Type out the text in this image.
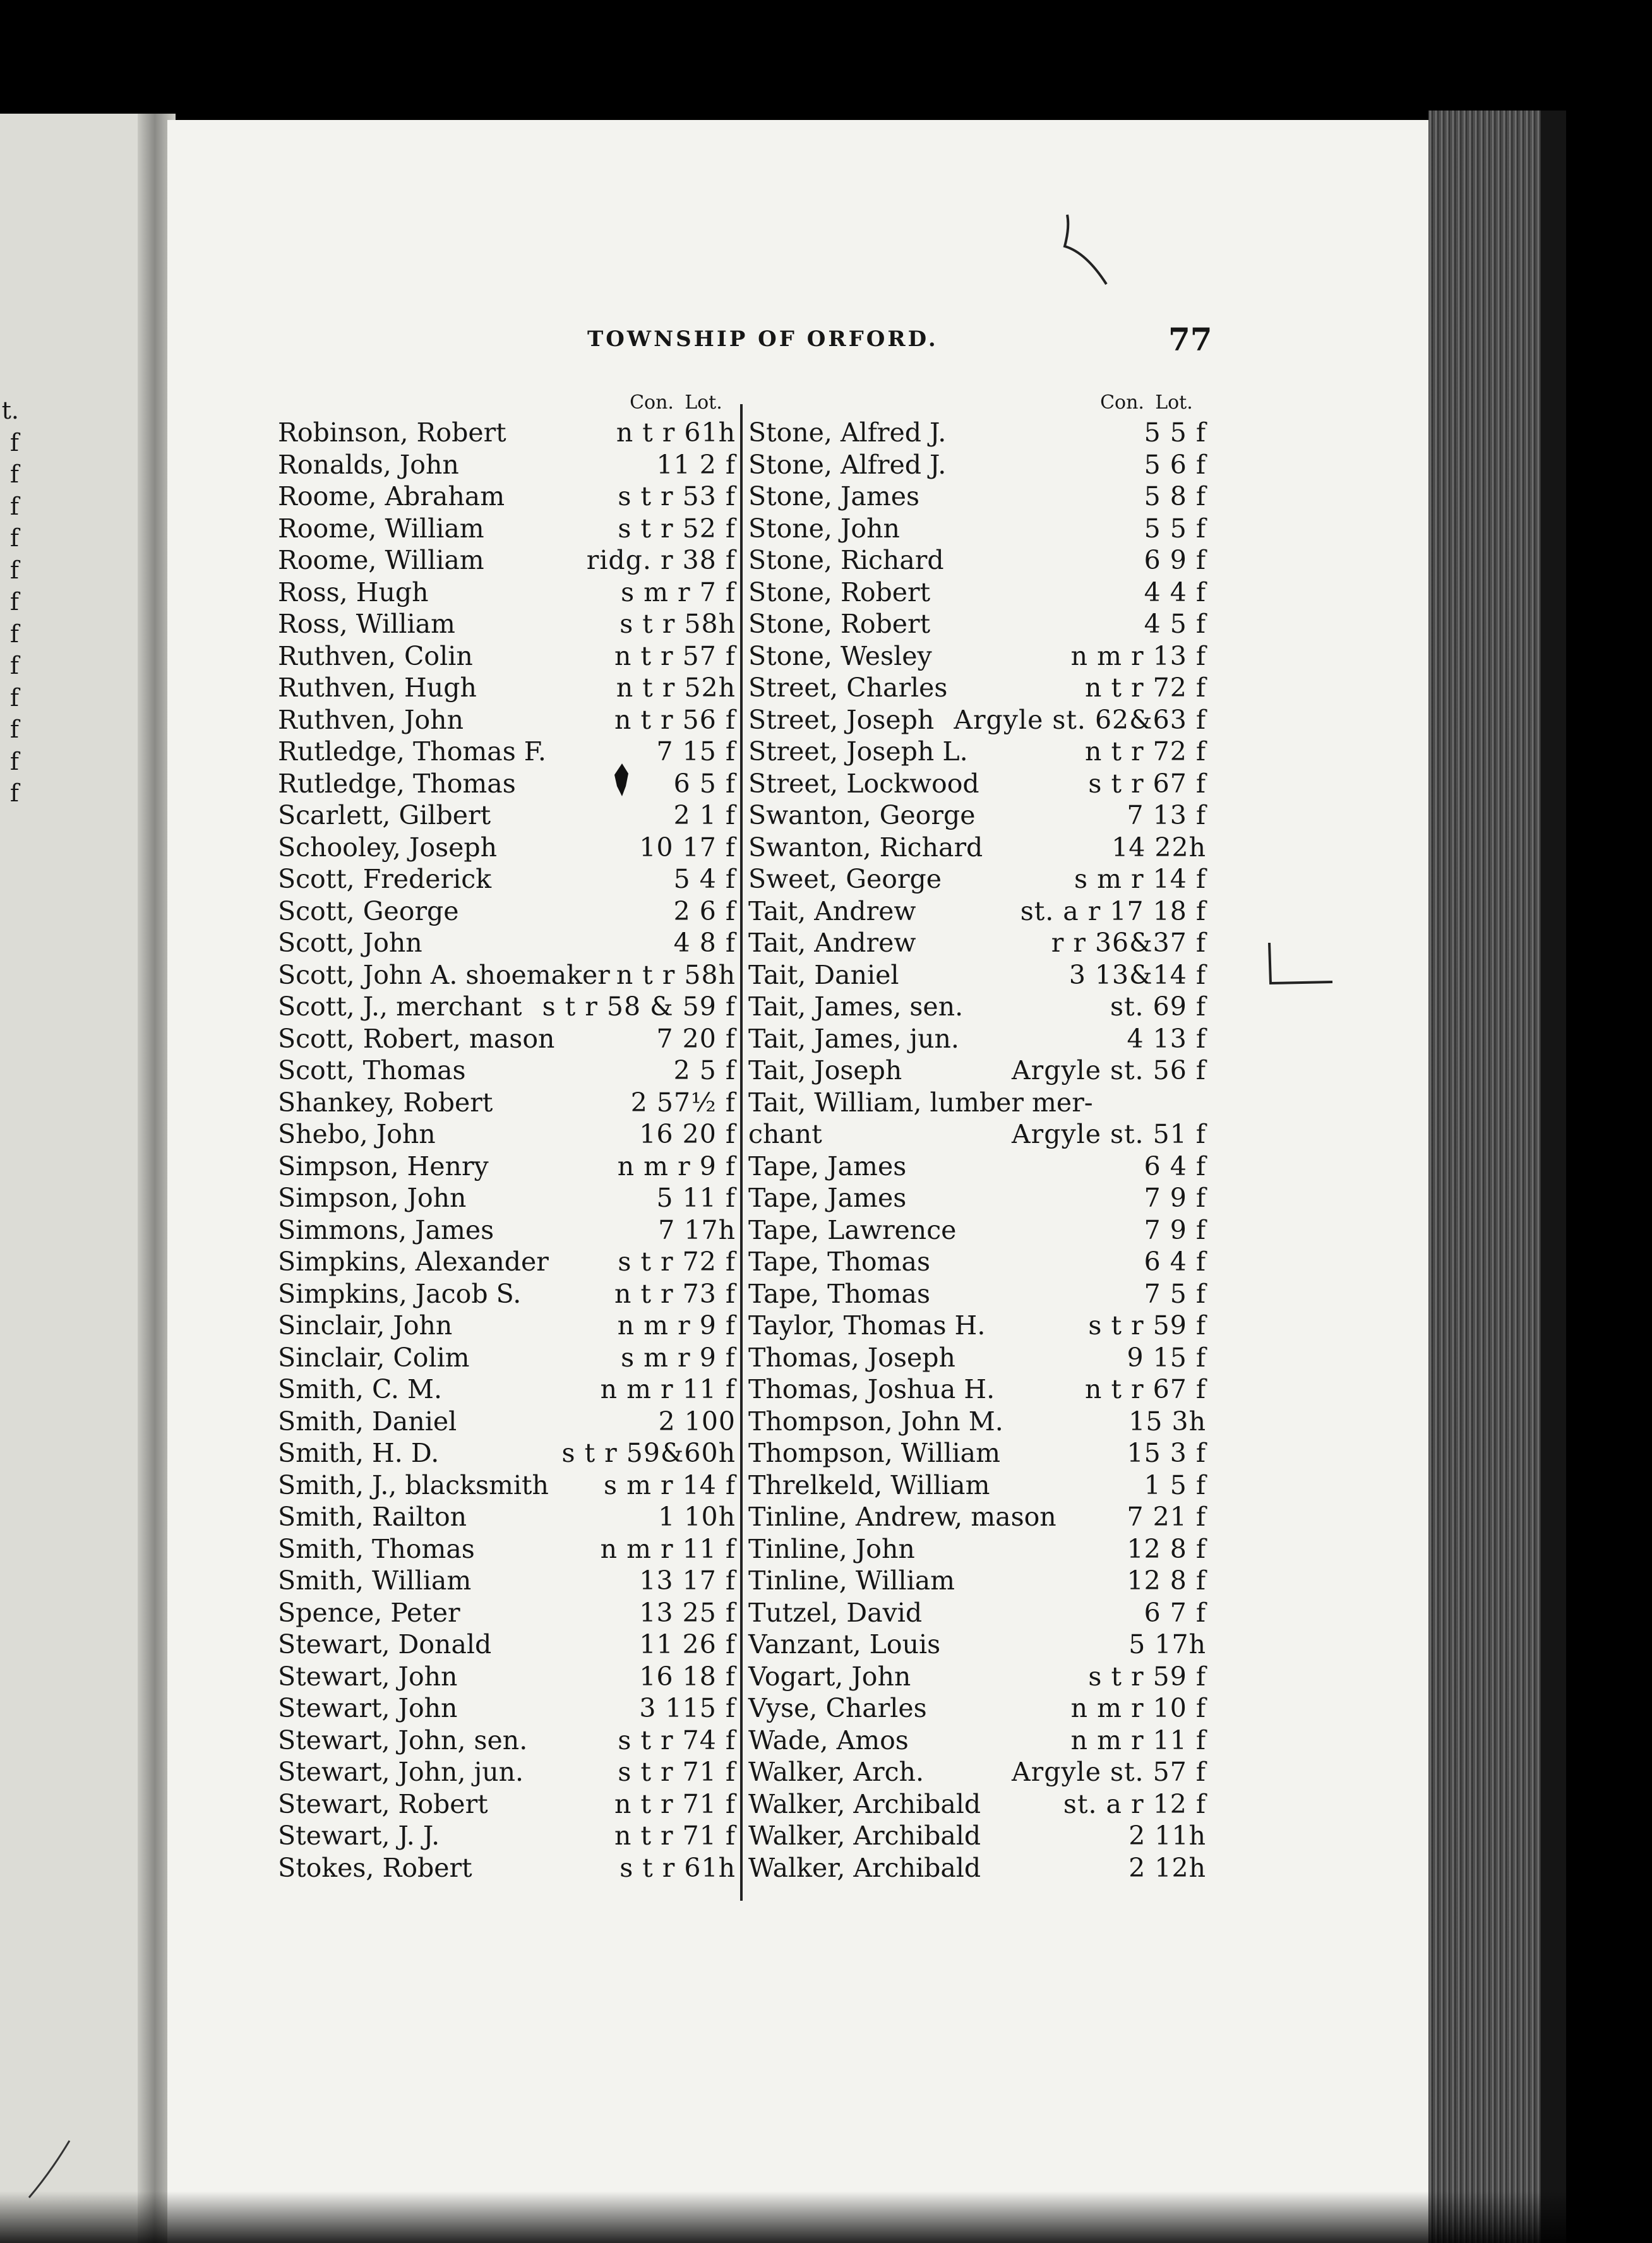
t.
f
f
f
f
f
f
f
f
f
f
f
f
TOWNSHIP OF ORFORD.	77
Con. Lot.
Robinson, Robert	n t r 61h
Ronalds, John	11 2 f
Roome, Abraham	s t r 53 f
Roome, William	s t r 52 f
Roome, William	ridg. r 38 f
Ross, Hugh	s m r 7 f
Ross, William	s t r 58h
Ruthven, Colin	n t r 57 f
Ruthven, Hugh	n t r 52h
Ruthven, John	n t r 56 f
Rutledge, Thomas F.	7 15 f
Rutledge, Thomas	6 5 f
Scarlett, Gilbert	2 1 f
Schooley, Joseph	10 17 f
Scott, Frederick	5 4 f
Scott, George	2 6 f
Scott, John	4 8 f
Scott, John A. shoemaker n t r 58h
Scott, J., merchant s t r 58 & 59 f
Scott, Robert, mason	7 20 f
Scott, Thomas	2 5 f
Shankey, Robert	2 57½ f
Shebo, John	16 20 f
Simpson, Henry	n m r 9 f
Simpson, John	5 11 f
Simmons, James	7 17h
Simpkins, Alexander	s t r 72 f
Simpkins, Jacob S.	n t r 73 f
Sinclair, John	n m r 9 f
Sinclair, Colim	s m r 9 f
Smith, C. M.	n m r 11 f
Smith, Daniel	2 100
Smith, H. D.	s t r 59&60h
Smith, J., blacksmith s m r 14 f
Smith, Railton	1 10h
Smith, Thomas	n m r 11 f
Smith, William	13 17 f
Spence, Peter	13 25 f
Stewart, Donald	11 26 f
Stewart, John	16 18 f
Stewart, John	3 115 f
Stewart, John, sen.	s t r 74 f
Stewart, John, jun.	s t r 71 f
Stewart, Robert	n t r 71 f
Stewart, J. J.	n t r 71 f
Stokes, Robert	s t r 61h
Con. Lot.
Stone, Alfred J.	5 5 f
Stone, Alfred J.	5 6 f
Stone, James	5 8 f
Stone, John	5 5 f
Stone, Richard	6 9 f
Stone, Robert	4 4 f
Stone, Robert	4 5 f
Stone, Wesley	n m r 13 f
Street, Charles	n t r 72 f
Street, Joseph Argyle st. 62&63 f
Street, Joseph L.	n t r 72 f
Street, Lockwood	s t r 67 f
Swanton, George	7 13 f
Swanton, Richard	14 22h
Sweet, George	s m r 14 f
Tait, Andrew	st. a r 17 18 f
Tait, Andrew	r r 36&37 f
Tait, Daniel	3 13&14 f
Tait, James, sen.	st. 69 f
Tait, James, jun.	4 13 f
Tait, Joseph	Argyle st. 56 f
Tait, William, lumber mer-
chant	Argyle st. 51 f
Tape, James	6 4 f
Tape, James	7 9 f
Tape, Lawrence	7 9 f
Tape, Thomas	6 4 f
Tape, Thomas	7 5 f
Taylor, Thomas H.	s t r 59 f
Thomas, Joseph	9 15 f
Thomas, Joshua H.	n t r 67 f
Thompson, John M.	15 3h
Thompson, William	15 3 f
Threlkeld, William	1 5 f
Tinline, Andrew, mason	7 21 f
Tinline, John	12 8 f
Tinline, William	12 8 f
Tutzel, David	6 7 f
Vanzant, Louis	5 17h
Vogart, John	s t r 59 f
Vyse, Charles	n m r 10 f
Wade, Amos	n m r 11 f
Walker, Arch.	Argyle st. 57 f
Walker, Archibald	st. a r 12 f
Walker, Archibald	2 11h
Walker, Archibald	2 12h
